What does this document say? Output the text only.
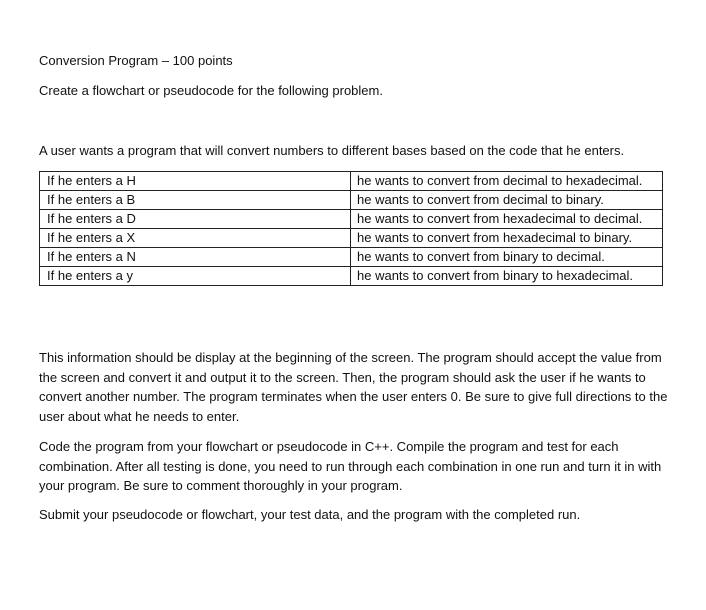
Conversion Program – 100 points
Create a flowchart or pseudocode for the following problem.
A user wants a program that will convert numbers to different bases based on the code that he enters.
If he enters a H	he wants to convert from decimal to hexadecimal.
If he enters a B	he wants to convert from decimal to binary.
If he enters a D	he wants to convert from hexadecimal to decimal.
If he enters a X	he wants to convert from hexadecimal to binary.
If he enters a N	he wants to convert from binary to decimal.
If he enters a y	he wants to convert from binary to hexadecimal.
This information should be display at the beginning of the screen. The program should accept the value from the screen and convert it and output it to the screen. Then, the program should ask the user if he wants to convert another number. The program terminates when the user enters 0. Be sure to give full directions to the user about what he needs to enter.
Code the program from your flowchart or pseudocode in C++. Compile the program and test for each combination. After all testing is done, you need to run through each combination in one run and turn it in with your program. Be sure to comment thoroughly in your program.
Submit your pseudocode or flowchart, your test data, and the program with the completed run.
